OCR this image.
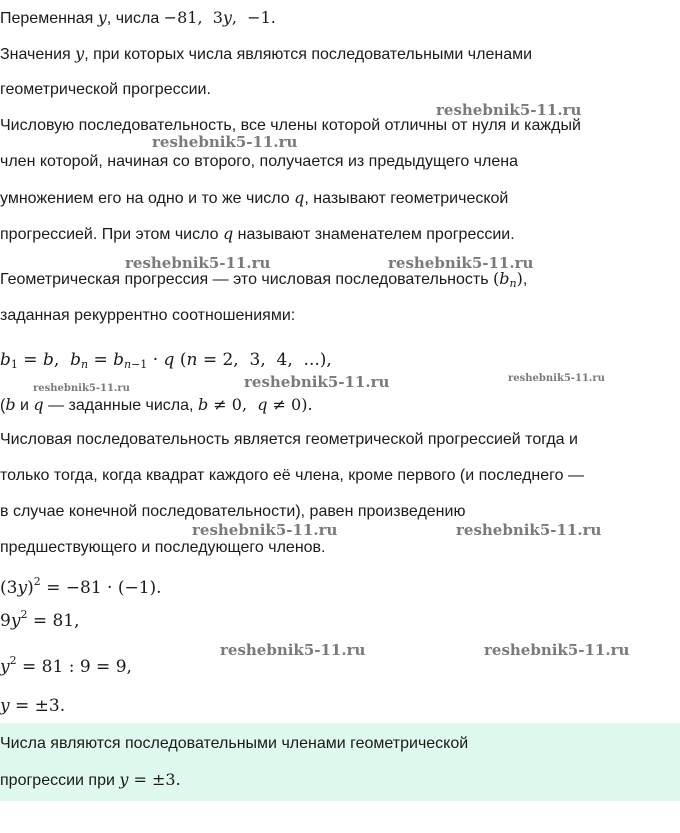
Переменная y, числа −81,  3y,  −1.
Значения y, при которых числа являются последовательными членами
геометрической прогрессии.
Числовую последовательность, все члены которой отличны от нуля и каждый
член которой, начиная со второго, получается из предыдущего члена
умножением его на одно и то же число q, называют геометрической
прогрессией. При этом число q называют знаменателем прогрессии.
Геометрическая прогрессия — это числовая последовательность $(b_n)$,
заданная рекуррентно соотношениями:
$b_1 = b$,  $b_n = b_{n-1} \cdot q$ (n = 2,  3,  4,  ...),
(b и q — заданные числа, b ≠ 0,  q ≠ 0).
Числовая последовательность является геометрической прогрессией тогда и
только тогда, когда квадрат каждого её члена, кроме первого (и последнего —
в случае конечной последовательности), равен произведению
предшествующего и последующего членов.
$(3y)^2 = -81 \cdot (-1)$.
$9y^2 = 81$,
$y^2 = 81$ : 9 = 9,
y = ±3.
Числа являются последовательными членами геометрической
прогрессии при y = ±3.
reshebnik5-11.ru
reshebnik5-11.ru
reshebnik5-11.ru	reshebnik5-11.ru
reshebnik5-11.ru	reshebnik5-11.ru	reshebnik5-11.ru
reshebnik5-11.ru	reshebnik5-11.ru
reshebnik5-11.ru	reshebnik5-11.ru
